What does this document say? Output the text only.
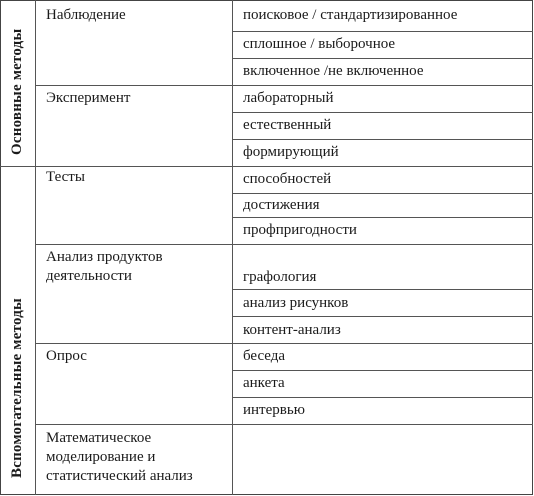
Основные методы
Вспомогательные методы
Наблюдение
Эксперимент
Тесты
Анализ продуктов
деятельности
Опрос
Математическое
моделирование и
статистический анализ
поисковое / стандартизированное
сплошное / выборочное
включенное /не включенное
лабораторный
естественный
формирующий
способностей
достижения
профпригодности
графология
анализ рисунков
контент-анализ
беседа
анкета
интервью
